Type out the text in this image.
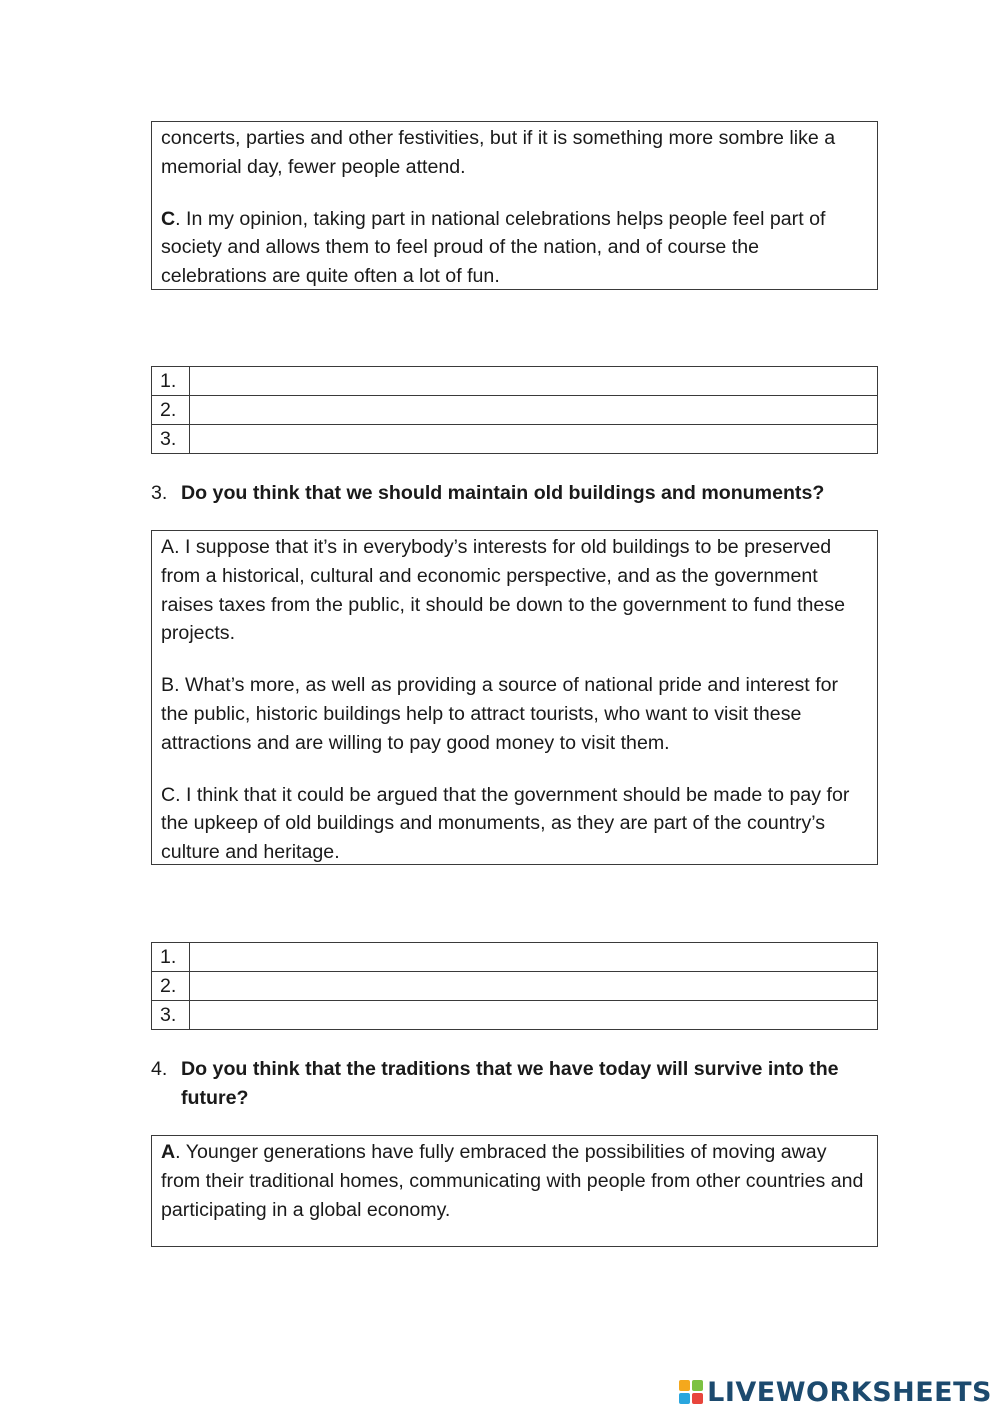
concerts, parties and other festivities, but if it is something more sombre like a memorial day, fewer people attend.

C. In my opinion, taking part in national celebrations helps people feel part of society and allows them to feel proud of the nation, and of course the celebrations are quite often a lot of fun.

1.	
2.	
3.	
3. Do you think that we should maintain old buildings and monuments?

A. I suppose that it’s in everybody’s interests for old buildings to be preserved from a historical, cultural and economic perspective, and as the government raises taxes from the public, it should be down to the government to fund these projects.

B. What’s more, as well as providing a source of national pride and interest for the public, historic buildings help to attract tourists, who want to visit these attractions and are willing to pay good money to visit them.

C. I think that it could be argued that the government should be made to pay for the upkeep of old buildings and monuments, as they are part of the country’s culture and heritage.

1.	
2.	
3.	
4. Do you think that the traditions that we have today will survive into the future?

A. Younger generations have fully embraced the possibilities of moving away from their traditional homes, communicating with people from other countries and participating in a global economy.

LIVEWORKSHEETS
